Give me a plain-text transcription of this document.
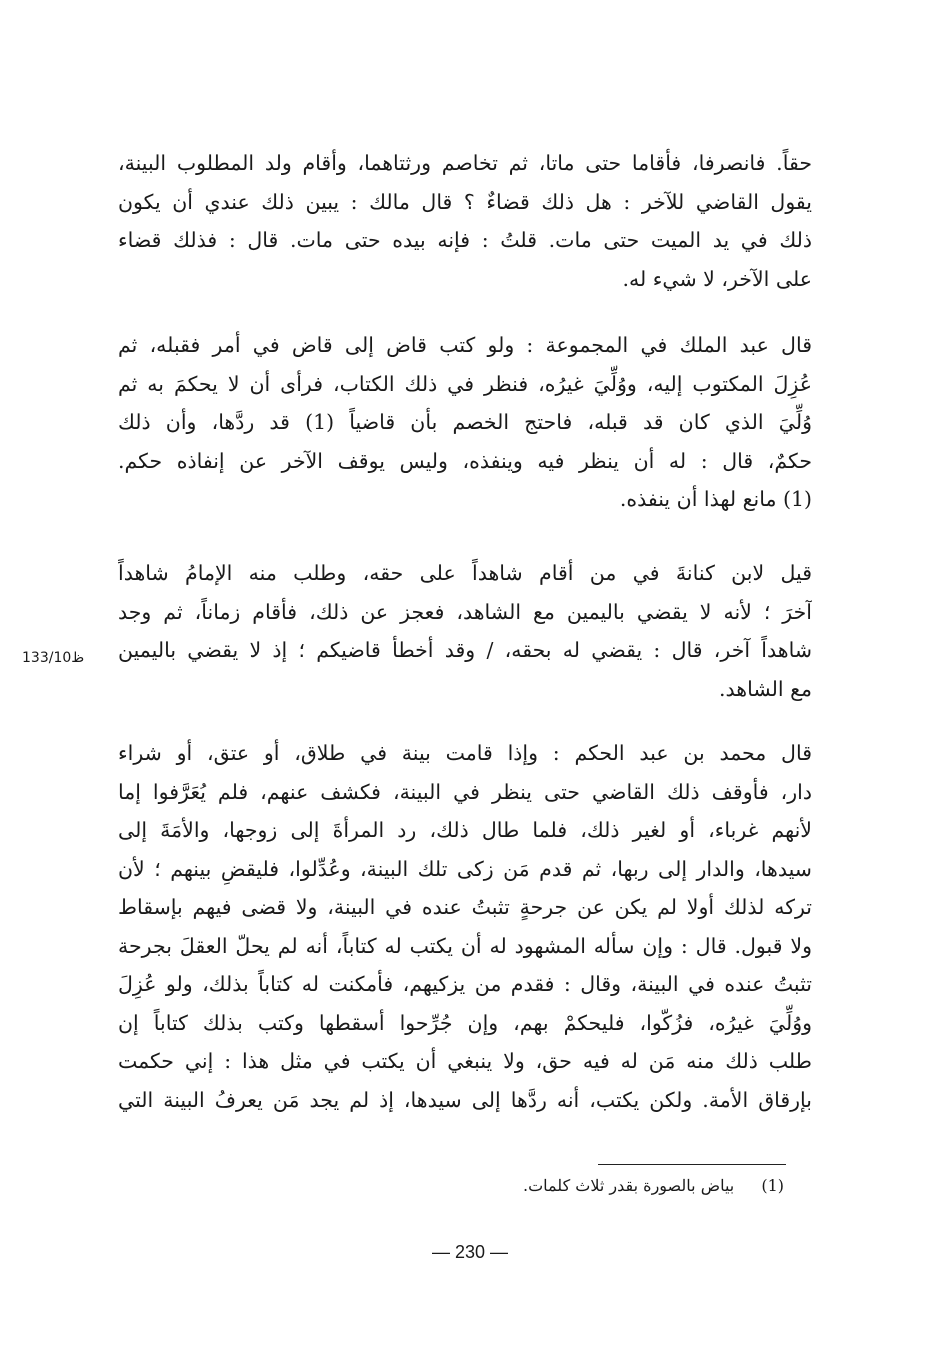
حقاً. فانصرفا، فأقاما حتى ماتا، ثم تخاصم ورثتاهما، وأقام ولد المطلوب البينة،
يقول القاضي للآخر : هل ذلك قضاءٌ ؟ قال مالك : يبين ذلك عندي أن يكون
ذلك في يد الميت حتى مات. قلتُ : فإنه بيده حتى مات. قال : فذلك قضاء
على الآخر، لا شيء له.
قال عبد الملك في المجموعة : ولو كتب قاض إلى قاض في أمر فقبله، ثم
عُزِلَ المكتوب إليه، ووُلِّيَ غيرُه، فنظر في ذلك الكتاب، فرأى أن لا يحكمَ به ثم
وُلِّيَ الذي كان قد قبله، فاحتج الخصم بأن قاضياً (1) قد ردَّها، وأن ذلك
حكمٌ، قال : له أن ينظر فيه وينفذه، وليس يوقف الآخر عن إنفاذه حكم.
(1) مانع لهذا أن ينفذه.
قيل لابن كنانةَ في من أقام شاهداً على حقه، وطلب منه الإمامُ شاهداً
آخرَ ؛ لأنه لا يقضي باليمين مع الشاهد، فعجز عن ذلك، فأقام زماناً، ثم وجد
شاهداً آخر، قال : يقضي له بحقه، / وقد أخطأ قاضيكم ؛ إذ لا يقضي باليمين
مع الشاهد.
133/10ظ
قال محمد بن عبد الحكم : وإذا قامت بينة في طلاق، أو عتق، أو شراء
دار، فأوقف ذلك القاضي حتى ينظر في البينة، فكشف عنهم، فلم يُعَرَّفوا إما
لأنهم غرباء، أو لغير ذلك، فلما طال ذلك، رد المرأةَ إلى زوجها، والأمَةَ إلى
سيدها، والدار إلى ربها، ثم قدم مَن زكى تلك البينة، وعُدِّلوا، فليقضِ بينهم ؛ لأن
تركه لذلك أولا لم يكن عن جرحةٍ تثبتُ عنده في البينة، ولا قضى فيهم بإسقاط
ولا قبول. قال : وإن سأله المشهود له أن يكتب له كتاباً، أنه لم يحلّ العقلَ بجرحة
تثبتُ عنده في البينة، وقال : فقدم من يزكيهم، فأمكنت له كتاباً بذلك، ولو عُزِلَ
ووُلِّيَ غيرُه، فزُكّوا، فليحكمْ بهم، وإن جُرِّحوا أسقطها وكتب بذلك كتاباً إن
طلب ذلك منه مَن له فيه حق، ولا ينبغي أن يكتب في مثل هذا : إني حكمت
بإرقاق الأمة. ولكن يكتب، أنه ردَّها إلى سيدها، إذ لم يجد مَن يعرفُ البينة التي
(1) بياض بالصورة بقدر ثلاث كلمات.
— 230 —
